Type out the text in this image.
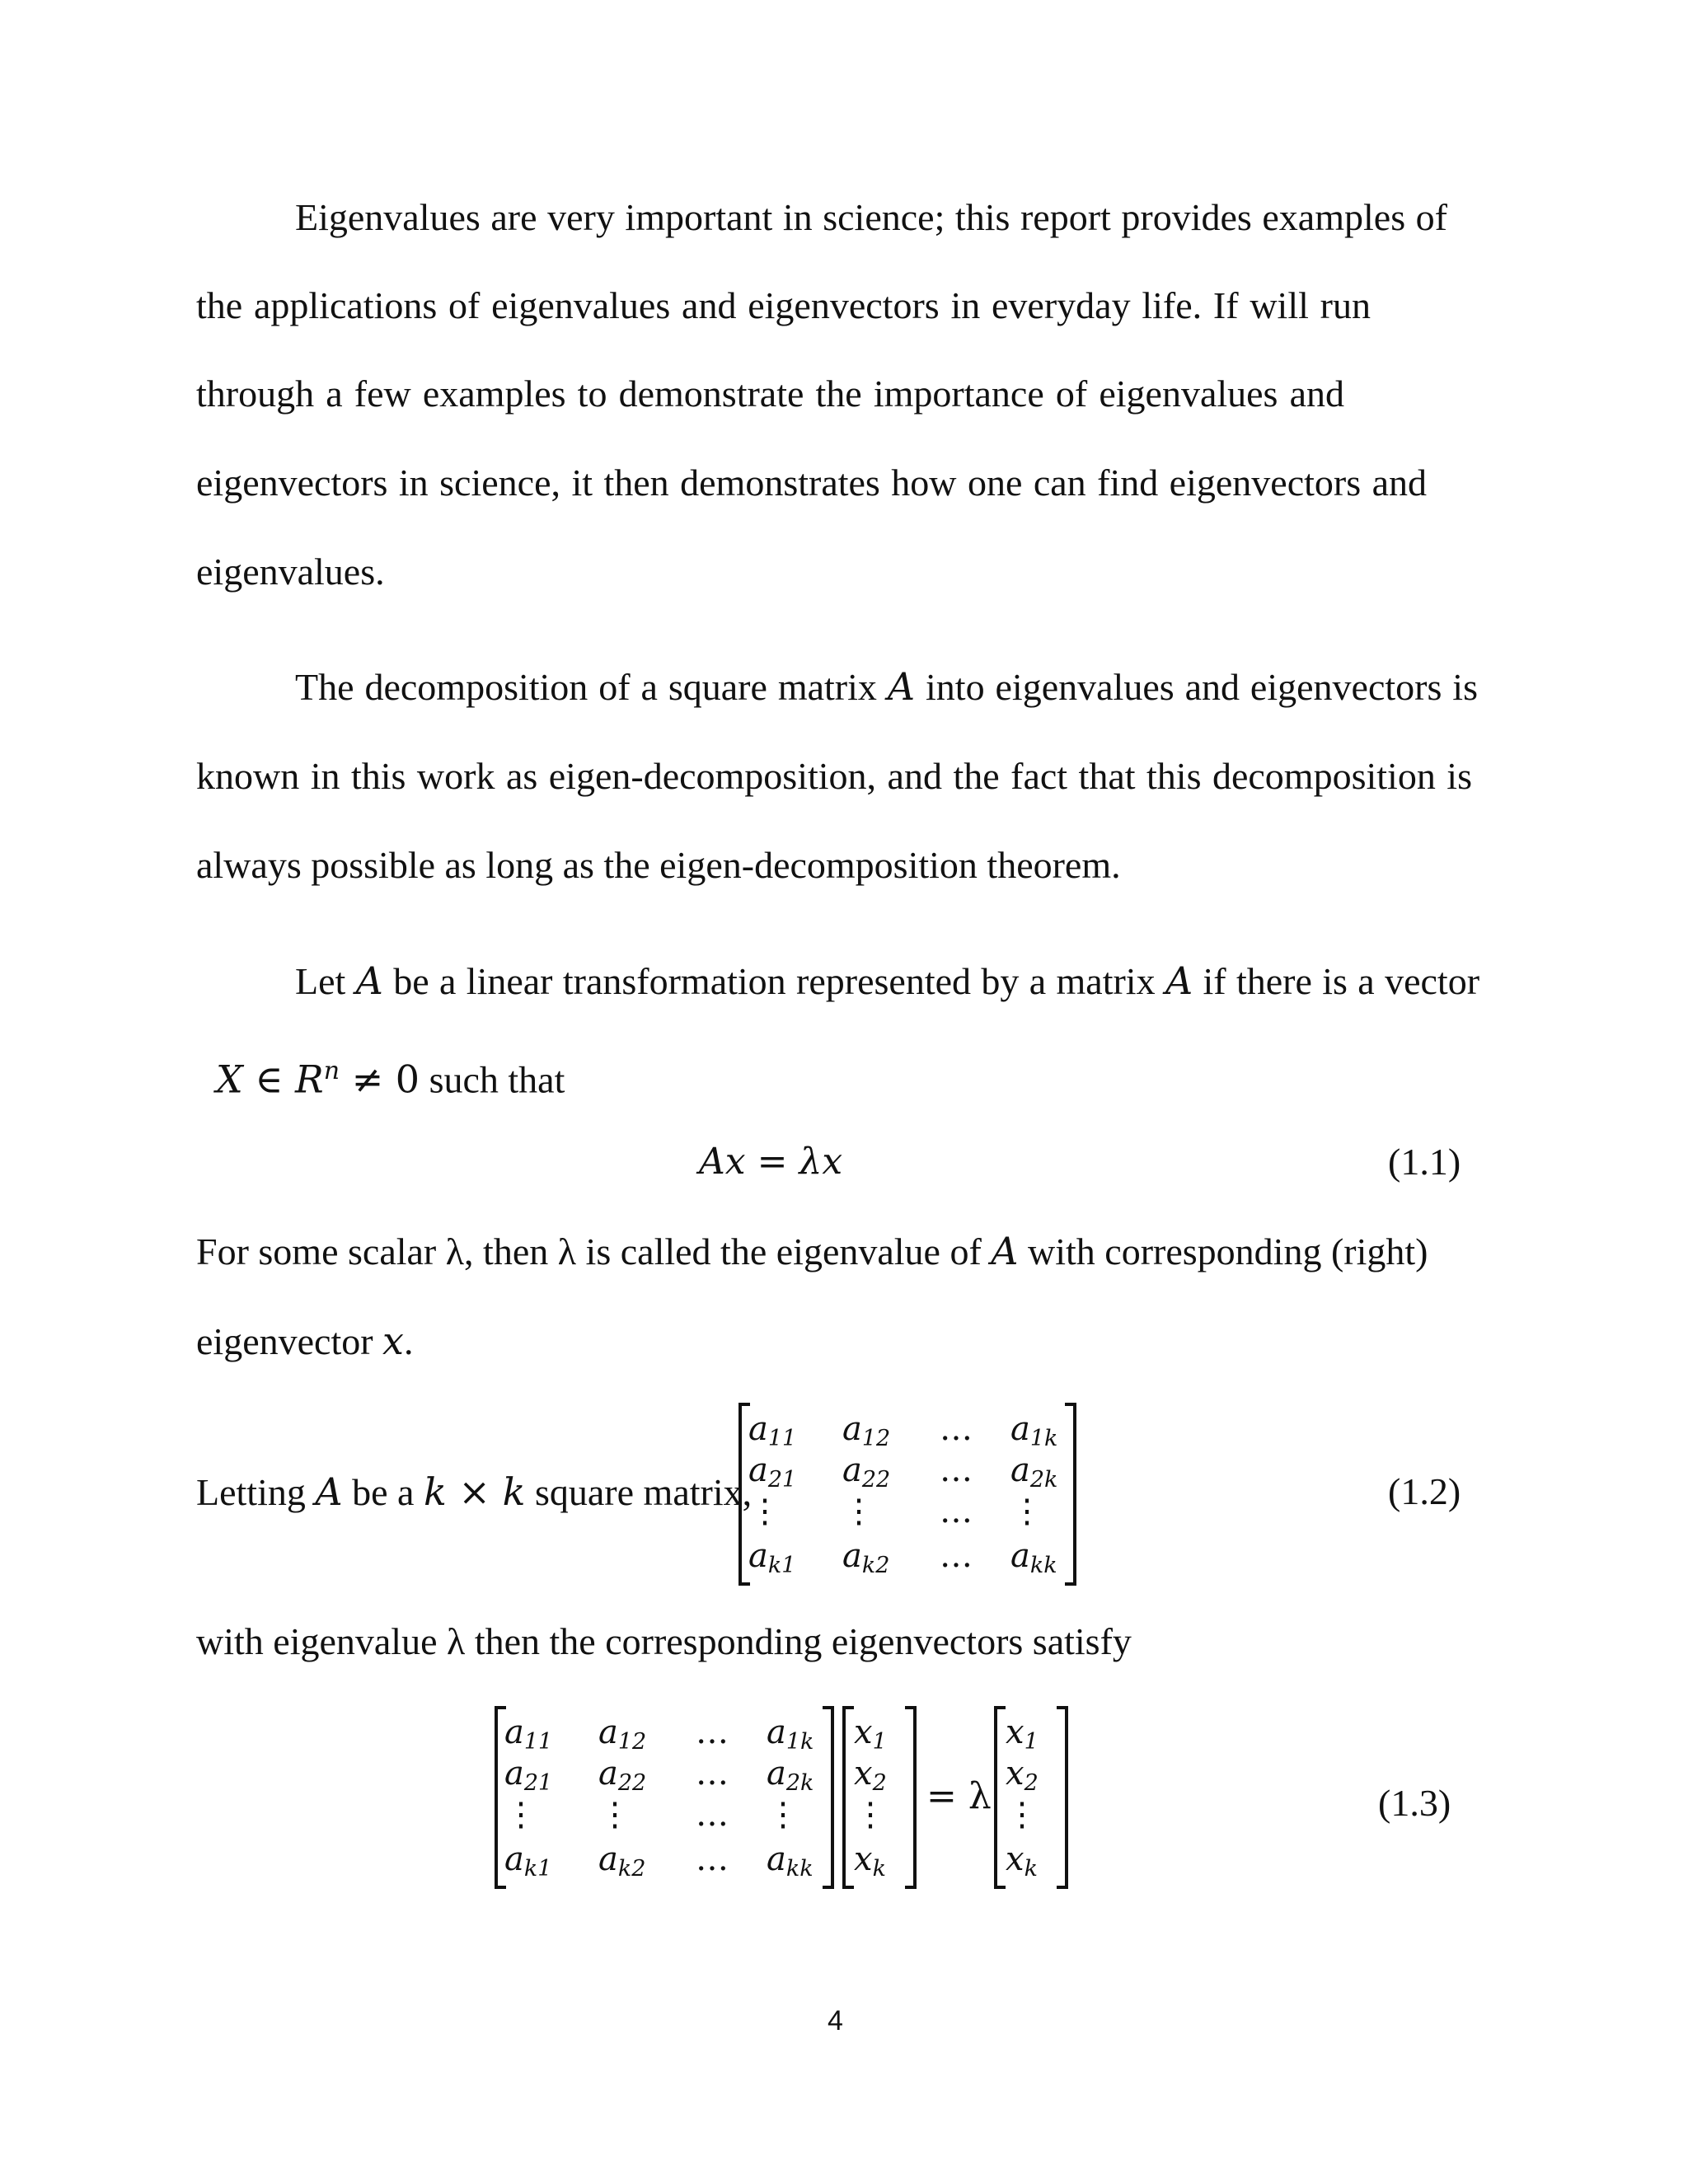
Eigenvalues are very important in science; this report provides examples of

the applications of eigenvalues and eigenvectors in everyday life. If will run

through a few examples to demonstrate the importance of eigenvalues and

eigenvectors in science, it then demonstrates how one can find eigenvectors and

eigenvalues.

The decomposition of a square matrix A into eigenvalues and eigenvectors is

known in this work as eigen-decomposition, and the fact that this decomposition is

always possible as long as the eigen-decomposition theorem.

Let A be a linear transformation represented by a matrix A if there is a vector

X ∈ $R^n \ne 0$ such that

Ax = λx	(1.1)

For some scalar λ, then λ is called the eigenvalue of A with corresponding (right)

eigenvector x.

Letting A be a k × k square matrix,

$a_{11}$ $a_{12}$ … $a_{1k}$
$a_{21}$ $a_{22}$ … $a_{2k}$
⋮ ⋮ … ⋮
$a_{k1}$ $a_{k2}$ … $a_{kk}$
(1.2)

with eigenvalue λ then the corresponding eigenvectors satisfy

$a_{11}$ $a_{12}$ … $a_{1k}$
$a_{21}$ $a_{22}$ … $a_{2k}$
⋮ ⋮ … ⋮
$a_{k1}$ $a_{k2}$ … $a_{kk}$
$x_1$
$x_2$
⋮
$x_k$
= λ
$x_1$
$x_2$
⋮
$x_k$
(1.3)
4
